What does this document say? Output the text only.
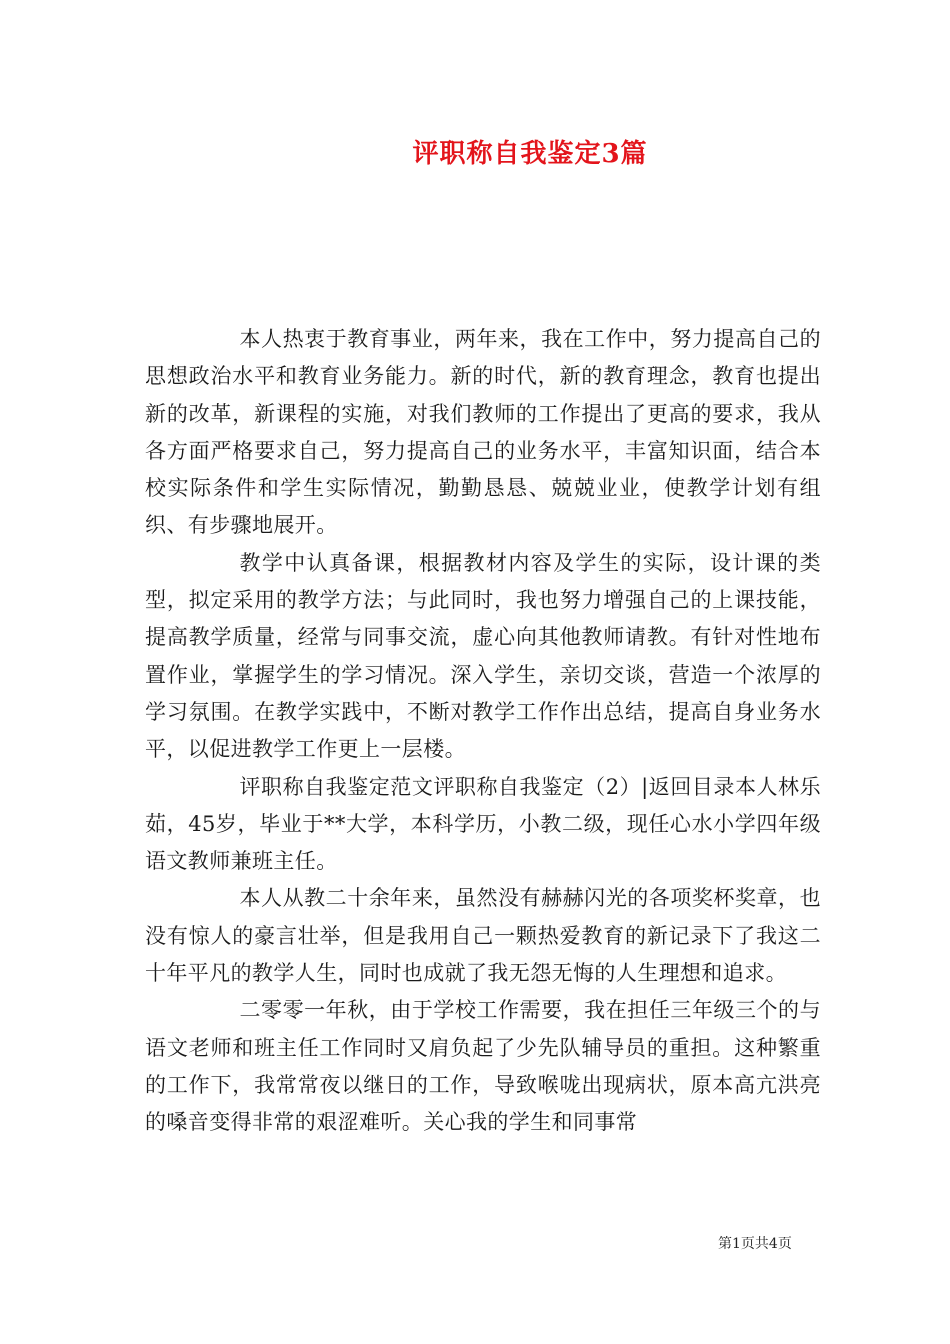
评职称自我鉴定3篇

本人热衷于教育事业，两年来，我在工作中，努力提高自己的思想政治水平和教育业务能力。新的时代，新的教育理念，教育也提出新的改革，新课程的实施，对我们教师的工作提出了更高的要求，我从各方面严格要求自己，努力提高自己的业务水平，丰富知识面，结合本校实际条件和学生实际情况，勤勤恳恳、兢兢业业，使教学计划有组织、有步骤地展开。

教学中认真备课，根据教材内容及学生的实际，设计课的类型，拟定采用的教学方法；与此同时，我也努力增强自己的上课技能，提高教学质量，经常与同事交流，虚心向其他教师请教。有针对性地布置作业，掌握学生的学习情况。深入学生，亲切交谈，营造一个浓厚的学习氛围。在教学实践中，不断对教学工作作出总结，提高自身业务水平，以促进教学工作更上一层楼。

评职称自我鉴定范文评职称自我鉴定（2）|返回目录本人林乐茹，45岁，毕业于**大学，本科学历，小教二级，现任心水小学四年级语文教师兼班主任。

本人从教二十余年来，虽然没有赫赫闪光的各项奖杯奖章，也没有惊人的豪言壮举，但是我用自己一颗热爱教育的新记录下了我这二十年平凡的教学人生，同时也成就了我无怨无悔的人生理想和追求。

二零零一年秋，由于学校工作需要，我在担任三年级三个的与语文老师和班主任工作同时又肩负起了少先队辅导员的重担。这种繁重的工作下，我常常夜以继日的工作，导致喉咙出现病状，原本高亢洪亮的嗓音变得非常的艰涩难听。关心我的学生和同事常

第1页共4页
